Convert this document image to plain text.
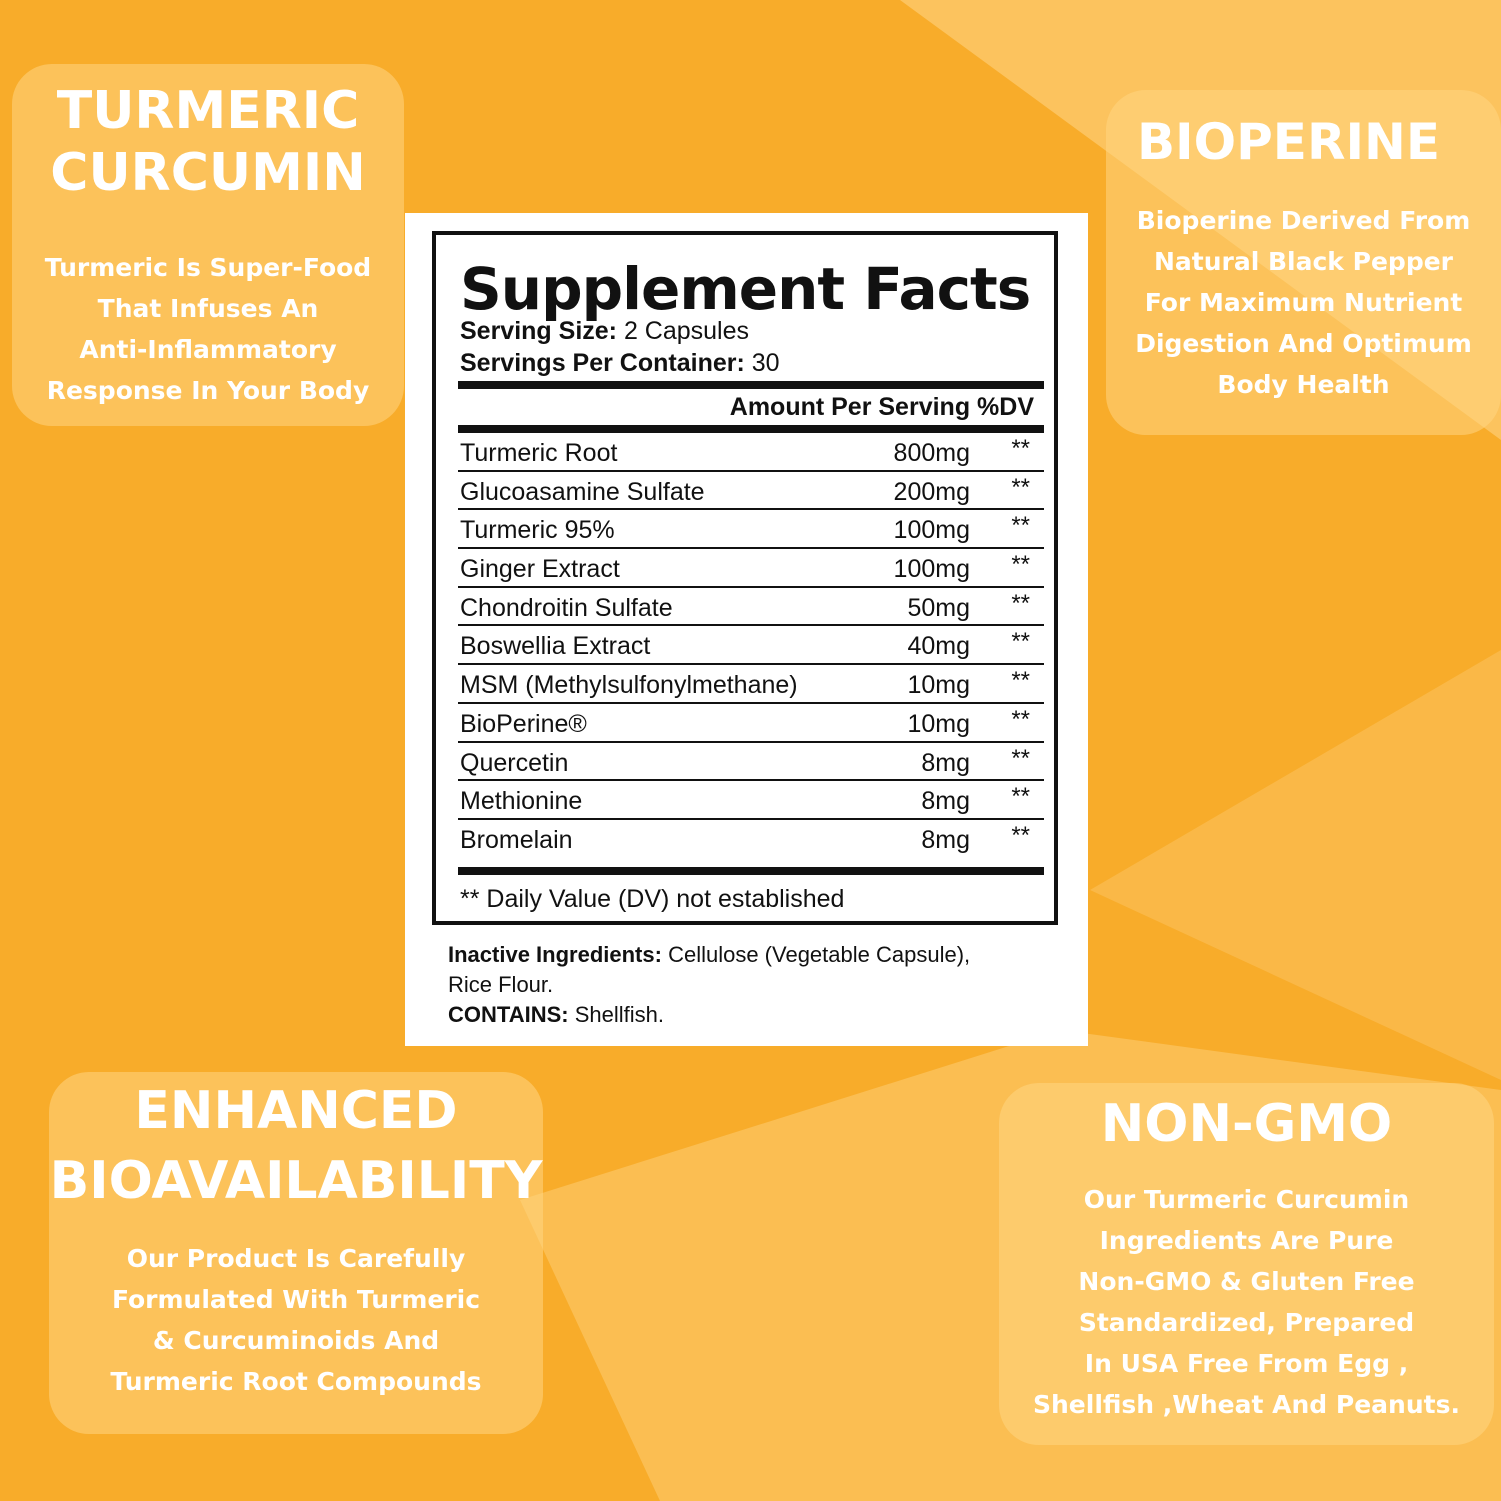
TURMERIC
CURCUMIN
Turmeric Is Super-Food
That Infuses An
Anti-Inflammatory
Response In Your Body
BIOPERINE
Bioperine Derived From
Natural Black Pepper
For Maximum Nutrient
Digestion And Optimum
Body Health
ENHANCED
BIOAVAILABILITY
Our Product Is Carefully
Formulated With Turmeric
& Curcuminoids And
Turmeric Root Compounds
NON-GMO
Our Turmeric Curcumin
Ingredients Are Pure
Non-GMO & Gluten Free
Standardized, Prepared
In USA Free From Egg ,
Shellfish ,Wheat And Peanuts.
Supplement Facts
Serving Size: 2 Capsules
Servings Per Container: 30
Amount Per Serving %DV
Turmeric Root	800mg **
Glucoasamine Sulfate	200mg **
Turmeric 95%	100mg **
Ginger Extract	100mg **
Chondroitin Sulfate	50mg **
Boswellia Extract	40mg **
MSM (Methylsulfonylmethane)	10mg **
BioPerine®	10mg **
Quercetin	8mg **
Methionine	8mg **
Bromelain	8mg **
** Daily Value (DV) not established
Inactive Ingredients: Cellulose (Vegetable Capsule),
Rice Flour.
CONTAINS: Shellfish.
